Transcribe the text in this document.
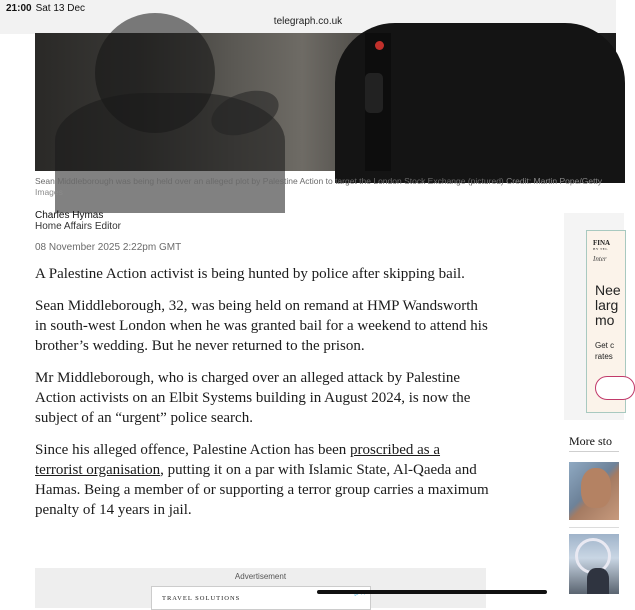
21:00 Sat 13 Dec
telegraph.co.uk
Sean Middleborough was being held over an alleged plot by Palestine Action to target the London Stock Exchange (pictured) Credit: Martin Pope/Getty Images
Charles Hymas
Home Affairs Editor
08 November 2025 2:22pm GMT

A Palestine Action activist is being hunted by police after skipping bail.

Sean Middleborough, 32, was being held on remand at HMP Wandsworth in south-west London when he was granted bail for a weekend to attend his brother’s wedding. But he never returned to the prison.

Mr Middleborough, who is charged over an alleged attack by Palestine Action activists on an Elbit Systems building in August 2024, is now the subject of an “urgent” police search.

Since his alleged offence, Palestine Action has been proscribed as a terrorist organisation, putting it on a par with Islamic State, Al-Qaeda and Hamas. Being a member of or supporting a terror group carries a maximum penalty of 14 years in jail.

Advertisement
TRAVEL SOLUTIONS
FINA
BY TEL
Inter
Nee larg mo
Get c rates
More sto
